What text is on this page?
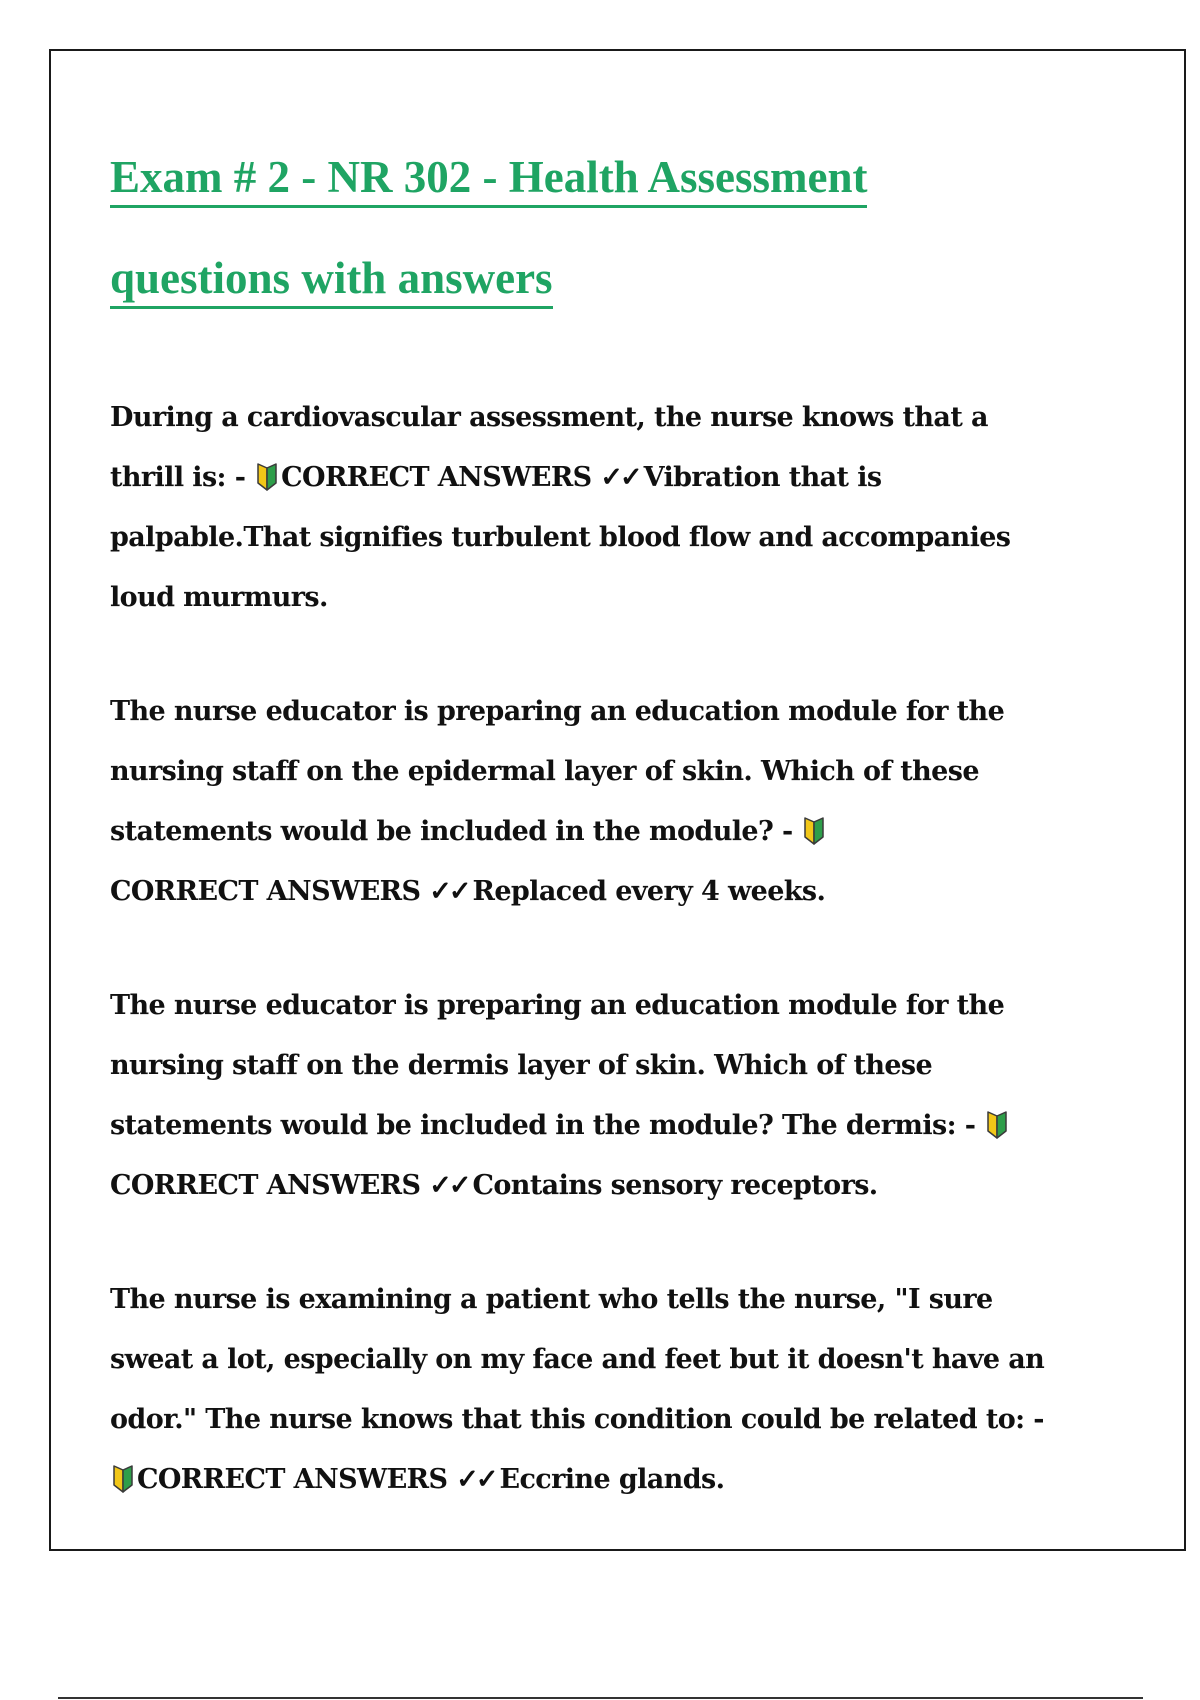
Exam # 2 - NR 302 - Health Assessment
questions with answers

During a cardiovascular assessment, the nurse knows that a thrill is: - CORRECT ANSWERS ✓✓ Vibration that is palpable.That signifies turbulent blood flow and accompanies loud murmurs.

The nurse educator is preparing an education module for the nursing staff on the epidermal layer of skin. Which of these statements would be included in the module? - CORRECT ANSWERS ✓✓ Replaced every 4 weeks.

The nurse educator is preparing an education module for the nursing staff on the dermis layer of skin. Which of these statements would be included in the module? The dermis: - CORRECT ANSWERS ✓✓ Contains sensory receptors.

The nurse is examining a patient who tells the nurse, "I sure sweat a lot, especially on my face and feet but it doesn't have an odor." The nurse knows that this condition could be related to: - CORRECT ANSWERS ✓✓ Eccrine glands.
